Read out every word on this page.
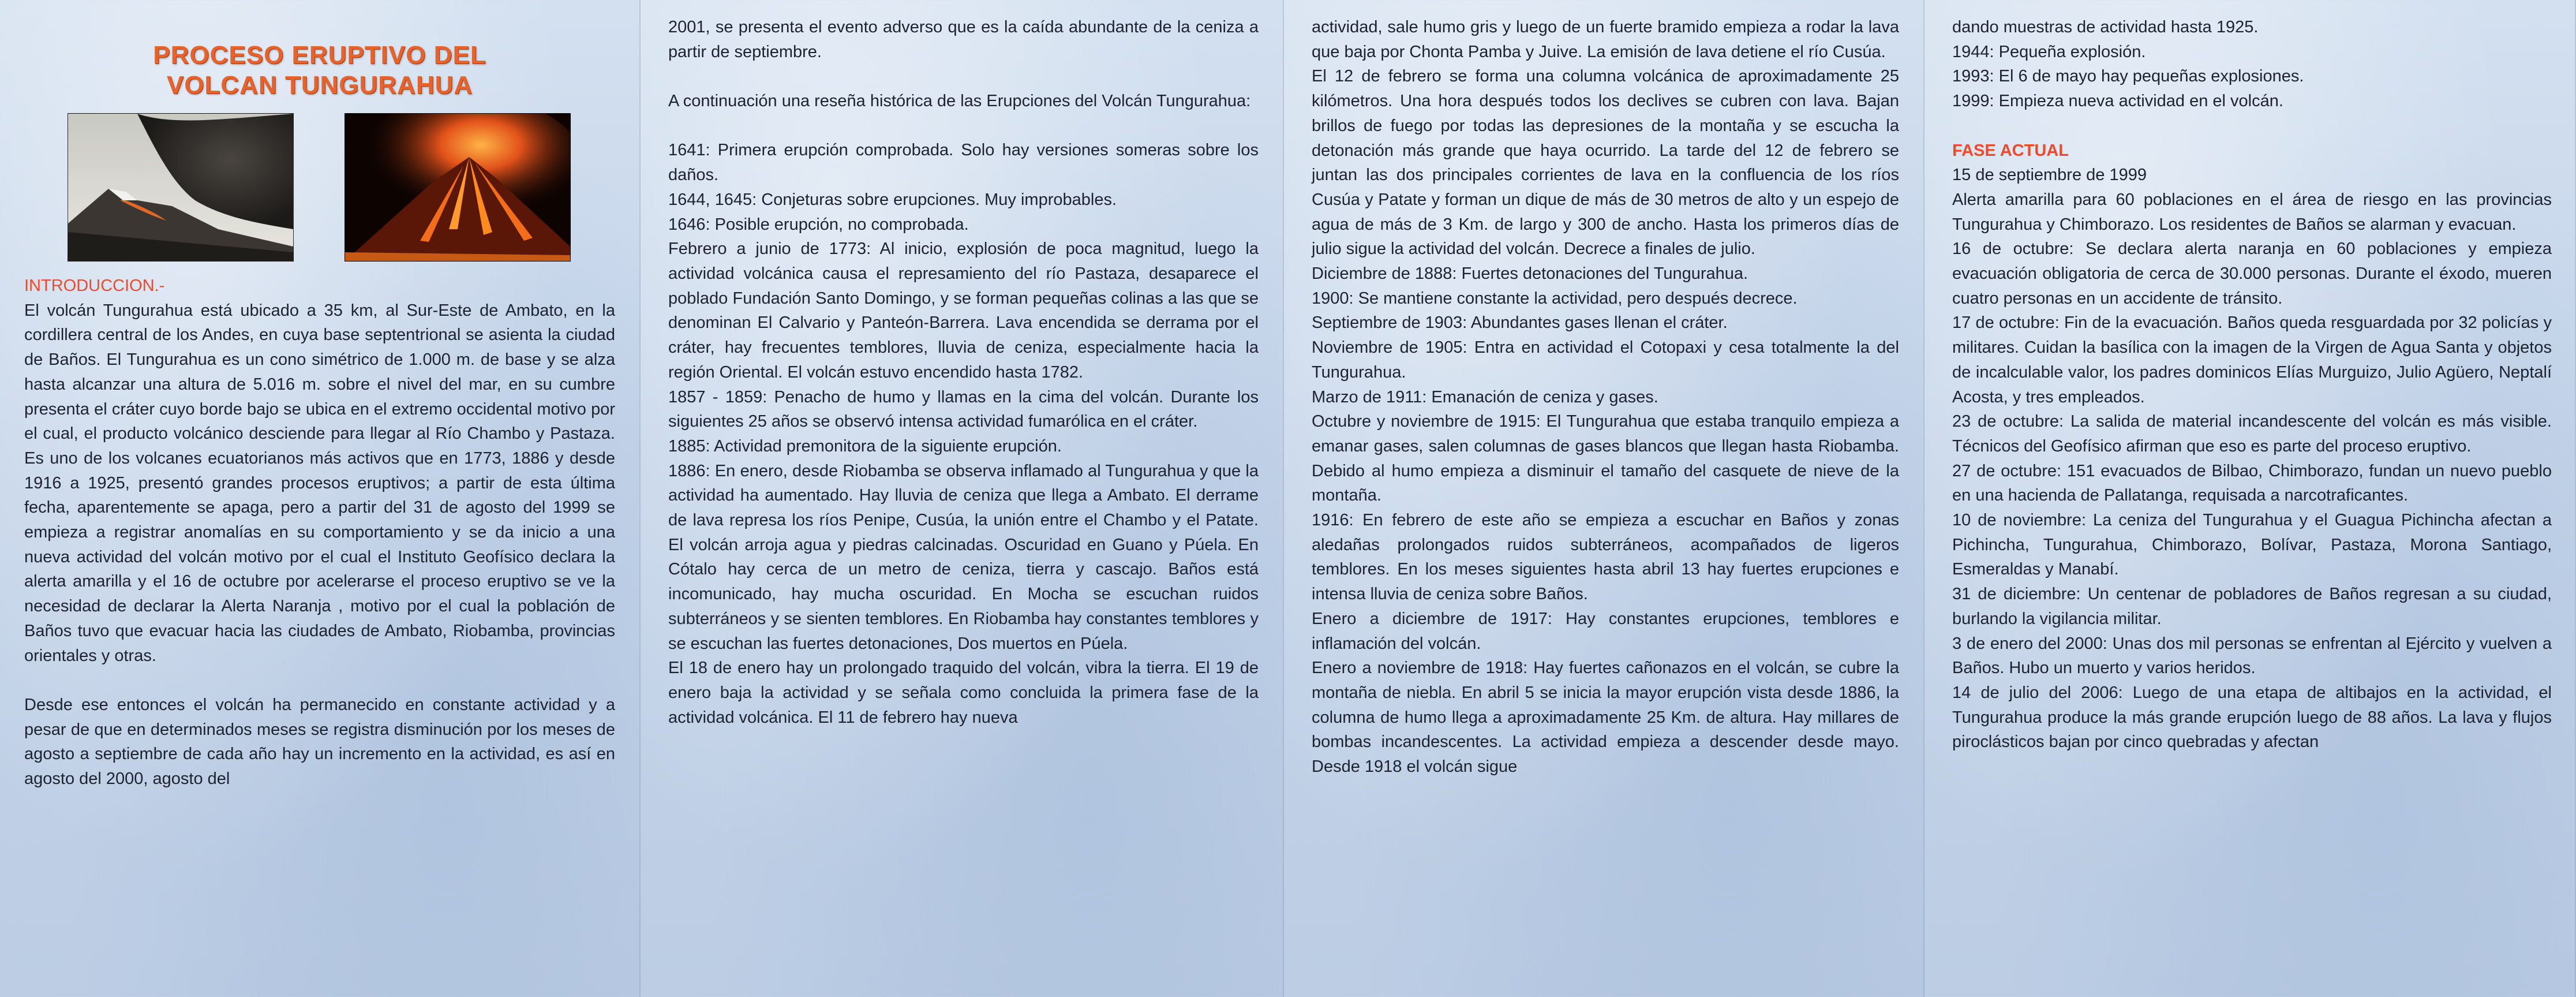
PROCESO ERUPTIVO DEL
VOLCAN TUNGURAHUA

INTRODUCCION.-

El volcán Tungurahua está ubicado a 35 km, al Sur-Este de Ambato, en la cordillera central de los Andes, en cuya base septentrional se asienta la ciudad de Baños. El Tungurahua es un cono simétrico de 1.000 m. de base y se alza hasta alcanzar una altura de 5.016 m. sobre el nivel del mar, en su cumbre presenta el cráter cuyo borde bajo se ubica en el extremo occidental motivo por el cual, el producto volcánico desciende para llegar al Río Chambo y Pastaza. Es uno de los volcanes ecuatorianos más activos que en 1773, 1886 y desde 1916 a 1925, presentó grandes procesos eruptivos; a partir de esta última fecha, aparentemente se apaga, pero a partir del 31 de agosto del 1999 se empieza a registrar anomalías en su comportamiento y se da inicio a una nueva actividad del volcán motivo por el cual el Instituto Geofísico declara la alerta amarilla y el 16 de octubre por acelerarse el proceso eruptivo se ve la necesidad de declarar la Alerta Naranja , motivo por el cual la población de Baños tuvo que evacuar hacia las ciudades de Ambato, Riobamba, provincias orientales y otras.

Desde ese entonces el volcán ha permanecido en constante actividad y a pesar de que en determinados meses se registra disminución por los meses de agosto a septiembre de cada año hay un incremento en la actividad, es así en agosto del 2000, agosto del

2001, se presenta el evento adverso que es la caída abundante de la ceniza a partir de septiembre.

A continuación una reseña histórica de las Erupciones del Volcán Tungurahua:

1641: Primera erupción comprobada. Solo hay versiones someras sobre los daños.
1644, 1645: Conjeturas sobre erupciones. Muy improbables.
1646: Posible erupción, no comprobada.
Febrero a junio de 1773: Al inicio, explosión de poca magnitud, luego la actividad volcánica causa el represamiento del río Pastaza, desaparece el poblado Fundación Santo Domingo, y se forman pequeñas colinas a las que se denominan El Calvario y Panteón-Barrera. Lava encendida se derrama por el cráter, hay frecuentes temblores, lluvia de ceniza, especialmente hacia la región Oriental. El volcán estuvo encendido hasta 1782.
1857 - 1859: Penacho de humo y llamas en la cima del volcán. Durante los siguientes 25 años se observó intensa actividad fumarólica en el cráter.
1885: Actividad premonitora de la siguiente erupción.
1886: En enero, desde Riobamba se observa inflamado al Tungurahua y que la actividad ha aumentado. Hay lluvia de ceniza que llega a Ambato. El derrame de lava represa los ríos Penipe, Cusúa, la unión entre el Chambo y el Patate. El volcán arroja agua y piedras calcinadas. Oscuridad en Guano y Púela. En Cótalo hay cerca de un metro de ceniza, tierra y cascajo. Baños está incomunicado, hay mucha oscuridad. En Mocha se escuchan ruidos subterráneos y se sienten temblores. En Riobamba hay constantes temblores y se escuchan las fuertes detonaciones, Dos muertos en Púela.
El 18 de enero hay un prolongado traquido del volcán, vibra la tierra. El 19 de enero baja la actividad y se señala como concluida la primera fase de la actividad volcánica. El 11 de febrero hay nueva
actividad, sale humo gris y luego de un fuerte bramido empieza a rodar la lava que baja por Chonta Pamba y Juive. La emisión de lava detiene el río Cusúa.
El 12 de febrero se forma una columna volcánica de aproximadamente 25 kilómetros. Una hora después todos los declives se cubren con lava. Bajan brillos de fuego por todas las depresiones de la montaña y se escucha la detonación más grande que haya ocurrido. La tarde del 12 de febrero se juntan las dos principales corrientes de lava en la confluencia de los ríos Cusúa y Patate y forman un dique de más de 30 metros de alto y un espejo de agua de más de 3 Km. de largo y 300 de ancho. Hasta los primeros días de julio sigue la actividad del volcán. Decrece a finales de julio.
Diciembre de 1888: Fuertes detonaciones del Tungurahua.
1900: Se mantiene constante la actividad, pero después decrece.
Septiembre de 1903: Abundantes gases llenan el cráter.
Noviembre de 1905: Entra en actividad el Cotopaxi y cesa totalmente la del Tungurahua.
Marzo de 1911: Emanación de ceniza y gases.
Octubre y noviembre de 1915: El Tungurahua que estaba tranquilo empieza a emanar gases, salen columnas de gases blancos que llegan hasta Riobamba. Debido al humo empieza a disminuir el tamaño del casquete de nieve de la montaña.
1916: En febrero de este año se empieza a escuchar en Baños y zonas aledañas prolongados ruidos subterráneos, acompañados de ligeros temblores. En los meses siguientes hasta abril 13 hay fuertes erupciones e intensa lluvia de ceniza sobre Baños.
Enero a diciembre de 1917: Hay constantes erupciones, temblores e inflamación del volcán.
Enero a noviembre de 1918: Hay fuertes cañonazos en el volcán, se cubre la montaña de niebla. En abril 5 se inicia la mayor erupción vista desde 1886, la columna de humo llega a aproximadamente 25 Km. de altura. Hay millares de bombas incandescentes. La actividad empieza a descender desde mayo. Desde 1918 el volcán sigue
dando muestras de actividad hasta 1925.
1944: Pequeña explosión.
1993: El 6 de mayo hay pequeñas explosiones.
1999: Empieza nueva actividad en el volcán.

FASE ACTUAL

15 de septiembre de 1999
Alerta amarilla para 60 poblaciones en el área de riesgo en las provincias Tungurahua y Chimborazo. Los residentes de Baños se alarman y evacuan.
16 de octubre: Se declara alerta naranja en 60 poblaciones y empieza evacuación obligatoria de cerca de 30.000 personas. Durante el éxodo, mueren cuatro personas en un accidente de tránsito.
17 de octubre: Fin de la evacuación. Baños queda resguardada por 32 policías y militares. Cuidan la basílica con la imagen de la Virgen de Agua Santa y objetos de incalculable valor, los padres dominicos Elías Murguizo, Julio Agüero, Neptalí Acosta, y tres empleados.
23 de octubre: La salida de material incandescente del volcán es más visible. Técnicos del Geofísico afirman que eso es parte del proceso eruptivo.
27 de octubre: 151 evacuados de Bilbao, Chimborazo, fundan un nuevo pueblo en una hacienda de Pallatanga, requisada a narcotraficantes.
10 de noviembre: La ceniza del Tungurahua y el Guagua Pichincha afectan a Pichincha, Tungurahua, Chimborazo, Bolívar, Pastaza, Morona Santiago, Esmeraldas y Manabí.
31 de diciembre: Un centenar de pobladores de Baños regresan a su ciudad, burlando la vigilancia militar.
3 de enero del 2000: Unas dos mil personas se enfrentan al Ejército y vuelven a Baños. Hubo un muerto y varios heridos.
14 de julio del 2006: Luego de una etapa de altibajos en la actividad, el Tungurahua produce la más grande erupción luego de 88 años. La lava y flujos piroclásticos bajan por cinco quebradas y afectan
